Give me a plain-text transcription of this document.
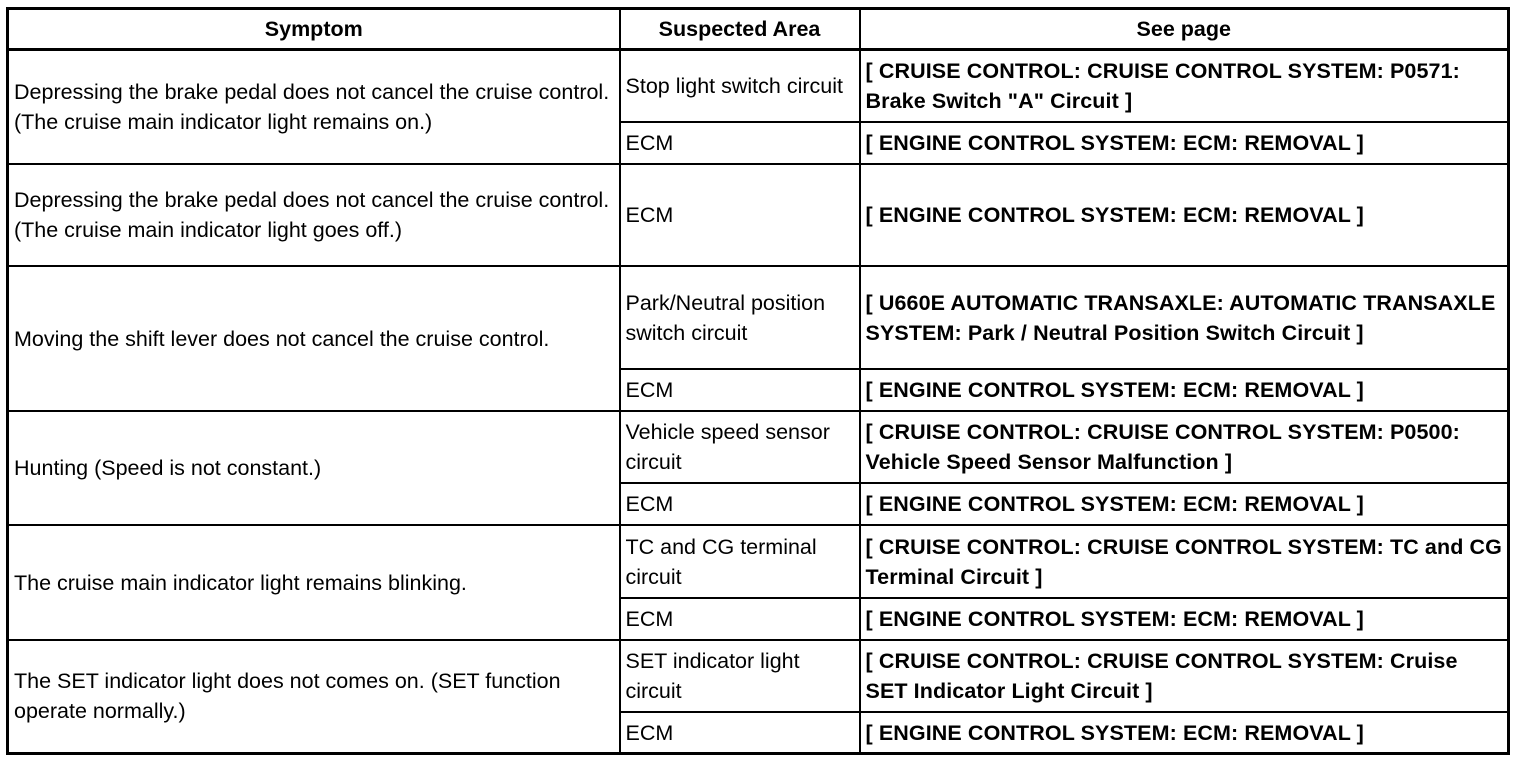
Symptom	Suspected Area	See page
Depressing the brake pedal does not cancel the cruise control. (The cruise main indicator light remains on.)	Stop light switch circuit	[ CRUISE CONTROL: CRUISE CONTROL SYSTEM: P0571: Brake Switch "A" Circuit ]
	ECM	[ ENGINE CONTROL SYSTEM: ECM: REMOVAL ]
Depressing the brake pedal does not cancel the cruise control. (The cruise main indicator light goes off.)	ECM	[ ENGINE CONTROL SYSTEM: ECM: REMOVAL ]
Moving the shift lever does not cancel the cruise control.	Park/Neutral position switch circuit	[ U660E AUTOMATIC TRANSAXLE: AUTOMATIC TRANSAXLE SYSTEM: Park / Neutral Position Switch Circuit ]
	ECM	[ ENGINE CONTROL SYSTEM: ECM: REMOVAL ]
Hunting (Speed is not constant.)	Vehicle speed sensor circuit	[ CRUISE CONTROL: CRUISE CONTROL SYSTEM: P0500: Vehicle Speed Sensor Malfunction ]
	ECM	[ ENGINE CONTROL SYSTEM: ECM: REMOVAL ]
The cruise main indicator light remains blinking.	TC and CG terminal circuit	[ CRUISE CONTROL: CRUISE CONTROL SYSTEM: TC and CG Terminal Circuit ]
	ECM	[ ENGINE CONTROL SYSTEM: ECM: REMOVAL ]
The SET indicator light does not comes on. (SET function operate normally.)	SET indicator light circuit	[ CRUISE CONTROL: CRUISE CONTROL SYSTEM: Cruise SET Indicator Light Circuit ]
	ECM	[ ENGINE CONTROL SYSTEM: ECM: REMOVAL ]
